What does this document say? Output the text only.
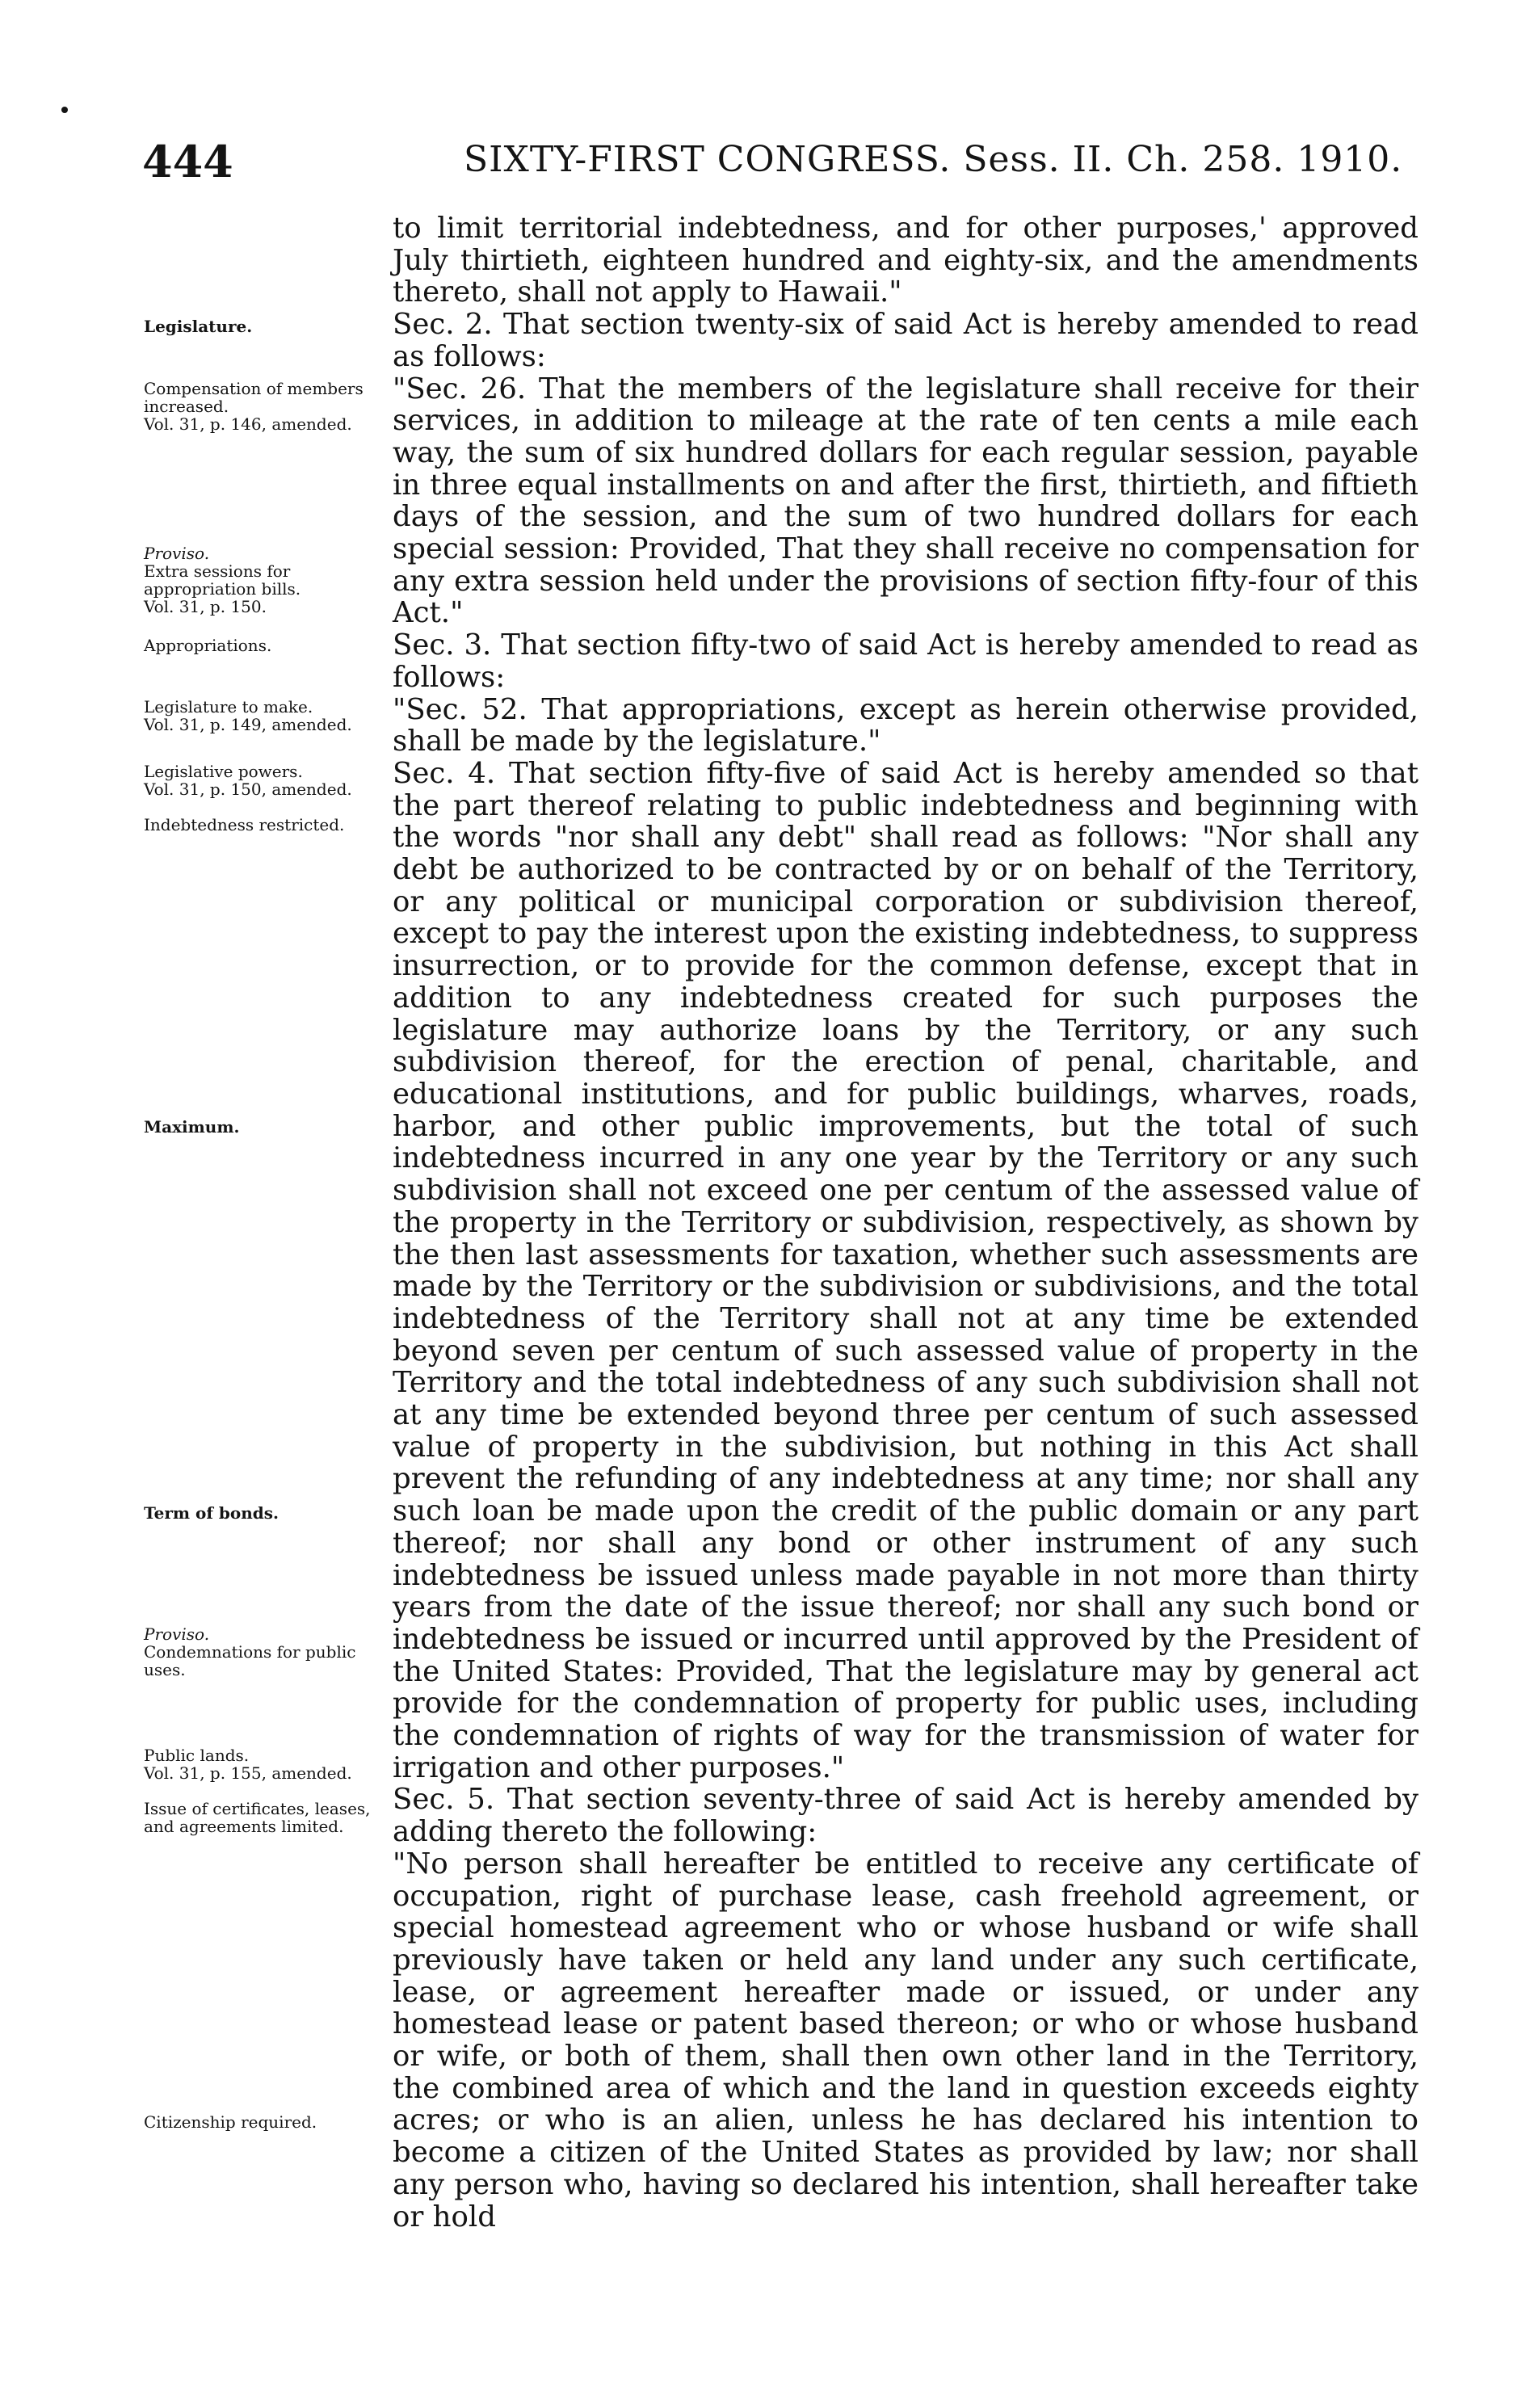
444	SIXTY-FIRST CONGRESS. Sess. II. Ch. 258. 1910.

to limit territorial indebtedness, and for other purposes,' approved July thirtieth, eighteen hundred and eighty-six, and the amendments thereto, shall not apply to Hawaii."

Sec. 2. That section twenty-six of said Act is hereby amended to read as follows:

"Sec. 26. That the members of the legislature shall receive for their services, in addition to mileage at the rate of ten cents a mile each way, the sum of six hundred dollars for each regular session, payable in three equal installments on and after the first, thirtieth, and fiftieth days of the session, and the sum of two hundred dollars for each special session: Provided, That they shall receive no compensation for any extra session held under the provisions of section fifty-four of this Act."

Sec. 3. That section fifty-two of said Act is hereby amended to read as follows:

"Sec. 52. That appropriations, except as herein otherwise provided, shall be made by the legislature."

Sec. 4. That section fifty-five of said Act is hereby amended so that the part thereof relating to public indebtedness and beginning with the words "nor shall any debt" shall read as follows: "Nor shall any debt be authorized to be contracted by or on behalf of the Territory, or any political or municipal corporation or subdivision thereof, except to pay the interest upon the existing indebtedness, to suppress insurrection, or to provide for the common defense, except that in addition to any indebtedness created for such purposes the legislature may authorize loans by the Territory, or any such subdivision thereof, for the erection of penal, charitable, and educational institutions, and for public buildings, wharves, roads, harbor, and other public improvements, but the total of such indebtedness incurred in any one year by the Territory or any such subdivision shall not exceed one per centum of the assessed value of the property in the Territory or subdivision, respectively, as shown by the then last assessments for taxation, whether such assessments are made by the Territory or the subdivision or subdivisions, and the total indebtedness of the Territory shall not at any time be extended beyond seven per centum of such assessed value of property in the Territory and the total indebtedness of any such subdivision shall not at any time be extended beyond three per centum of such assessed value of property in the subdivision, but nothing in this Act shall prevent the refunding of any indebtedness at any time; nor shall any such loan be made upon the credit of the public domain or any part thereof; nor shall any bond or other instrument of any such indebtedness be issued unless made payable in not more than thirty years from the date of the issue thereof; nor shall any such bond or indebtedness be issued or incurred until approved by the President of the United States: Provided, That the legislature may by general act provide for the condemnation of property for public uses, including the condemnation of rights of way for the transmission of water for irrigation and other purposes."

Sec. 5. That section seventy-three of said Act is hereby amended by adding thereto the following:

"No person shall hereafter be entitled to receive any certificate of occupation, right of purchase lease, cash freehold agreement, or special homestead agreement who or whose husband or wife shall previously have taken or held any land under any such certificate, lease, or agreement hereafter made or issued, or under any homestead lease or patent based thereon; or who or whose husband or wife, or both of them, shall then own other land in the Territory, the combined area of which and the land in question exceeds eighty acres; or who is an alien, unless he has declared his intention to become a citizen of the United States as provided by law; nor shall any person who, having so declared his intention, shall hereafter take or hold

Legislature.
Compensation of members increased.
Vol. 31, p. 146, amended.
Proviso.
Extra sessions for appropriation bills.
Vol. 31, p. 150.
Appropriations.
Legislature to make.
Vol. 31, p. 149, amended.
Legislative powers.
Vol. 31, p. 150, amended.
Indebtedness restricted.
Maximum.
Term of bonds.
Proviso.
Condemnations for public uses.
Public lands.
Vol. 31, p. 155, amended.
Issue of certificates, leases, and agreements limited.
Citizenship required.
